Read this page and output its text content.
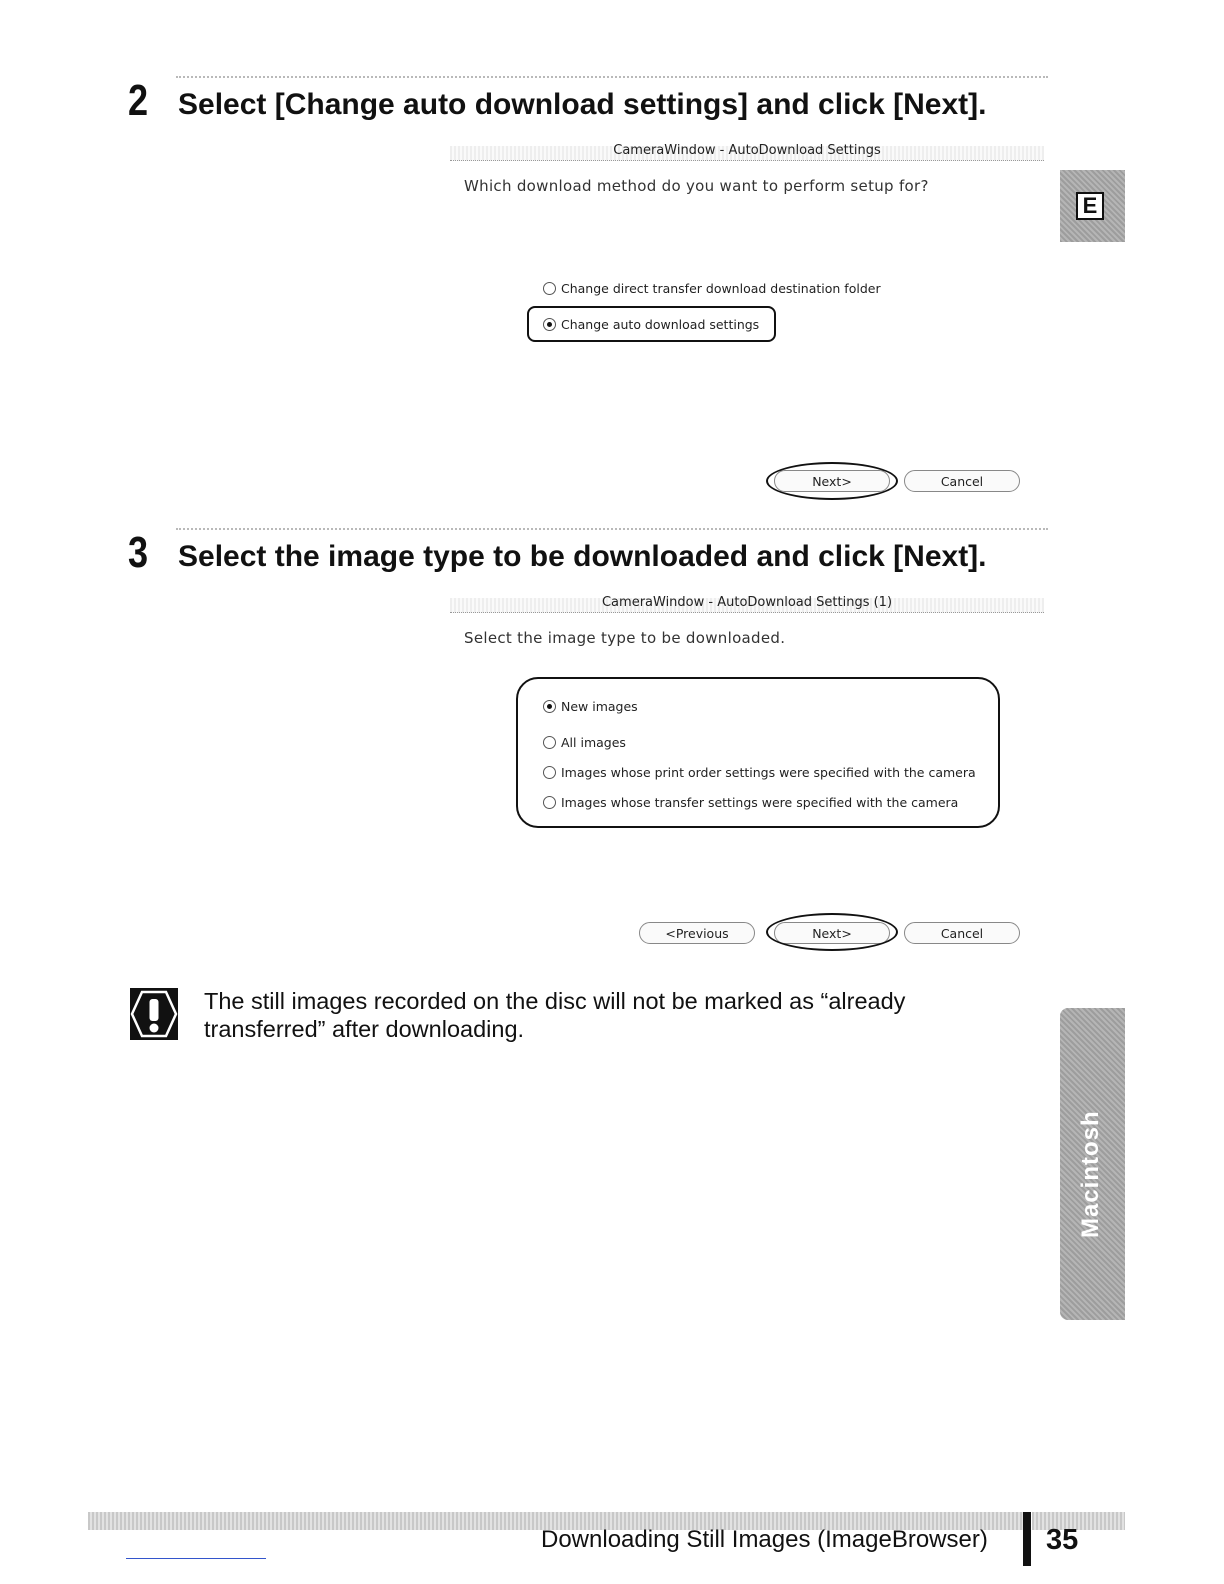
2 Select [Change auto download settings] and click [Next].
CameraWindow - AutoDownload Settings
Which download method do you want to perform setup for?
Change direct transfer download destination folder
Change auto download settings
Next>	Cancel
3 Select the image type to be downloaded and click [Next].
CameraWindow - AutoDownload Settings (1)
Select the image type to be downloaded.
New images
All images
Images whose print order settings were specified with the camera
Images whose transfer settings were specified with the camera
<Previous	Next>	Cancel
The still images recorded on the disc will not be marked as “already
transferred” after downloading.
E
Macintosh
Downloading Still Images (ImageBrowser) 35
